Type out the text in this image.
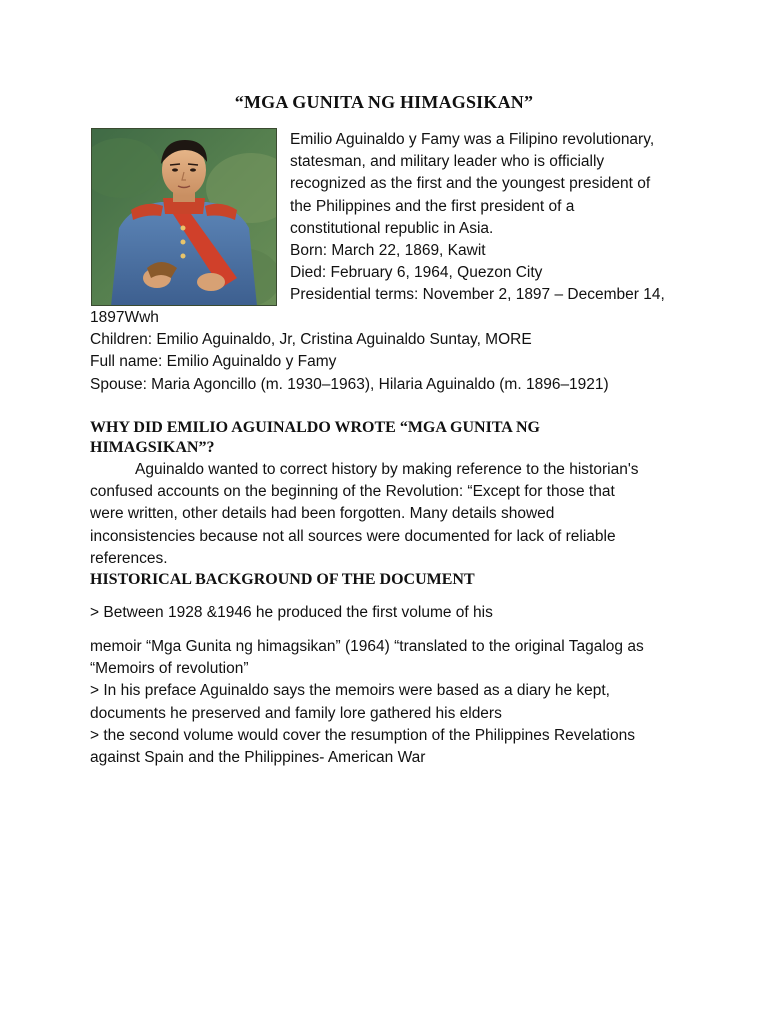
“MGA GUNITA NG HIMAGSIKAN”
Emilio Aguinaldo y Famy was a Filipino revolutionary,
statesman, and military leader who is officially
recognized as the first and the youngest president of
the Philippines and the first president of a
constitutional republic in Asia.
Born: March 22, 1869, Kawit
Died: February 6, 1964, Quezon City
Presidential terms: November 2, 1897 – December 14,
1897Wwh
Children: Emilio Aguinaldo, Jr, Cristina Aguinaldo Suntay, MORE
Full name: Emilio Aguinaldo y Famy
Spouse: Maria Agoncillo (m. 1930–1963), Hilaria Aguinaldo (m. 1896–1921)
WHY DID EMILIO AGUINALDO WROTE “MGA GUNITA NG
HIMAGSIKAN”?
Aguinaldo wanted to correct history by making reference to the historian's
confused accounts on the beginning of the Revolution: “Except for those that
were written, other details had been forgotten. Many details showed
inconsistencies because not all sources were documented for lack of reliable
references.
HISTORICAL BACKGROUND OF THE DOCUMENT
> Between 1928 &1946 he produced the first volume of his
memoir “Mga Gunita ng himagsikan” (1964) “translated to the original Tagalog as
“Memoirs of revolution”
> In his preface Aguinaldo says the memoirs were based as a diary he kept,
documents he preserved and family lore gathered his elders
> the second volume would cover the resumption of the Philippines Revelations
against Spain and the Philippines- American War
